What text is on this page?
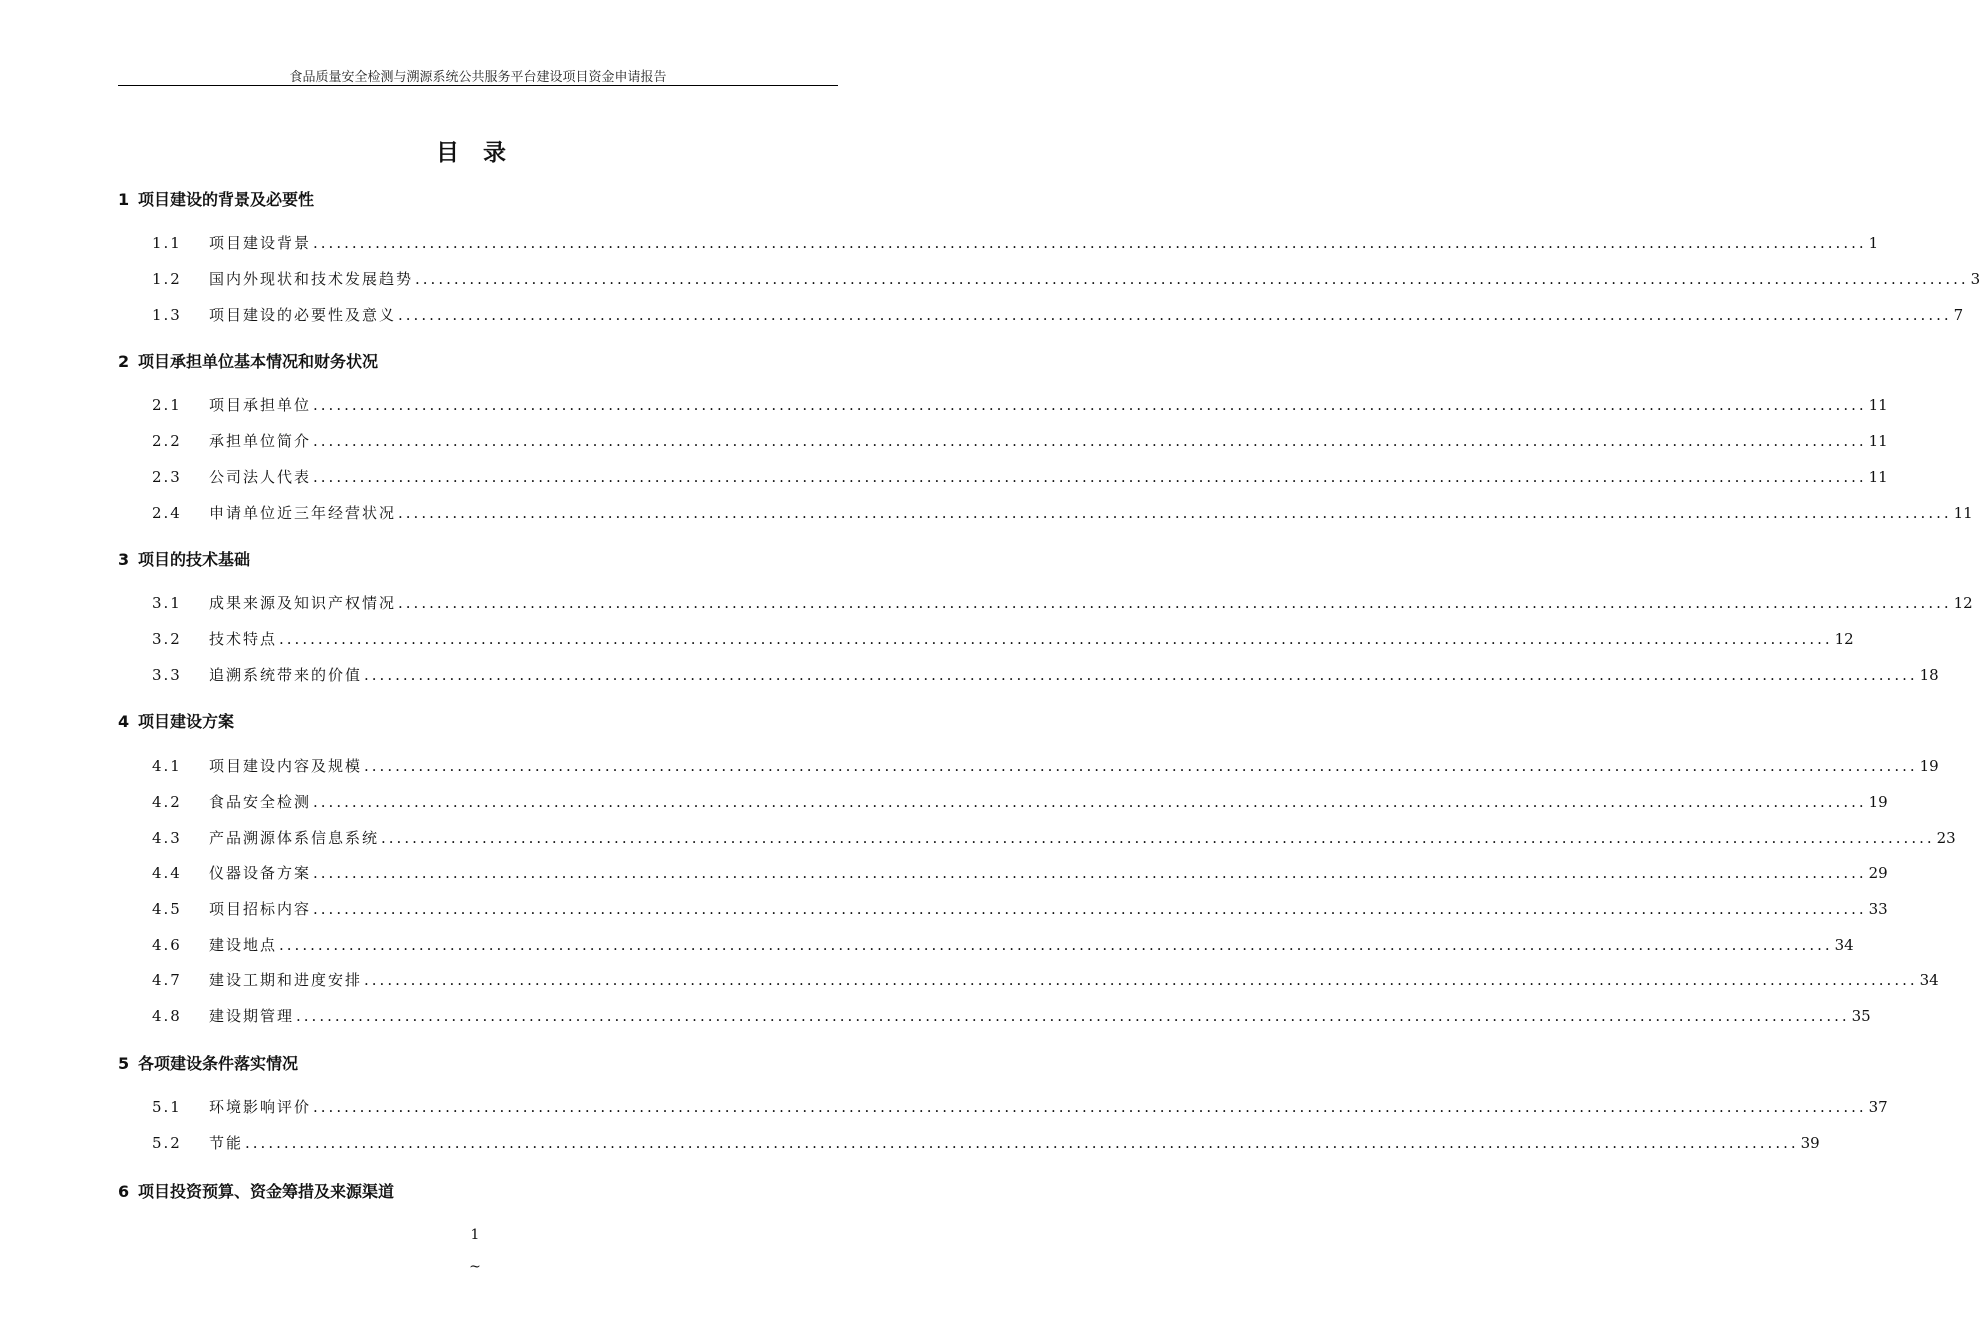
食品质量安全检测与溯源系统公共服务平台建设项目资金申请报告
目 录
1 项目建设的背景及必要性
1.1	项目建设背景 ........................................................................................................................................................................................................ 1
1.2	国内外现状和技术发展趋势 ........................................................................................................................................................................................................ 3
1.3	项目建设的必要性及意义 ........................................................................................................................................................................................................ 7
2 项目承担单位基本情况和财务状况
2.1	项目承担单位 ........................................................................................................................................................................................................ 11
2.2	承担单位简介 ........................................................................................................................................................................................................ 11
2.3	公司法人代表 ........................................................................................................................................................................................................ 11
2.4	申请单位近三年经营状况 ........................................................................................................................................................................................................ 11
3 项目的技术基础
3.1	成果来源及知识产权情况 ........................................................................................................................................................................................................ 12
3.2	技术特点 ........................................................................................................................................................................................................ 12
3.3	追溯系统带来的价值 ........................................................................................................................................................................................................ 18
4 项目建设方案
4.1	项目建设内容及规模 ........................................................................................................................................................................................................ 19
4.2	食品安全检测 ........................................................................................................................................................................................................ 19
4.3	产品溯源体系信息系统 ........................................................................................................................................................................................................ 23
4.4	仪器设备方案 ........................................................................................................................................................................................................ 29
4.5	项目招标内容 ........................................................................................................................................................................................................ 33
4.6	建设地点 ........................................................................................................................................................................................................ 34
4.7	建设工期和进度安排 ........................................................................................................................................................................................................ 34
4.8	建设期管理 ........................................................................................................................................................................................................ 35
5 各项建设条件落实情况
5.1	环境影响评价 ........................................................................................................................................................................................................ 37
5.2	节能 ........................................................................................................................................................................................................ 39
6 项目投资预算、资金筹措及来源渠道
1
~
